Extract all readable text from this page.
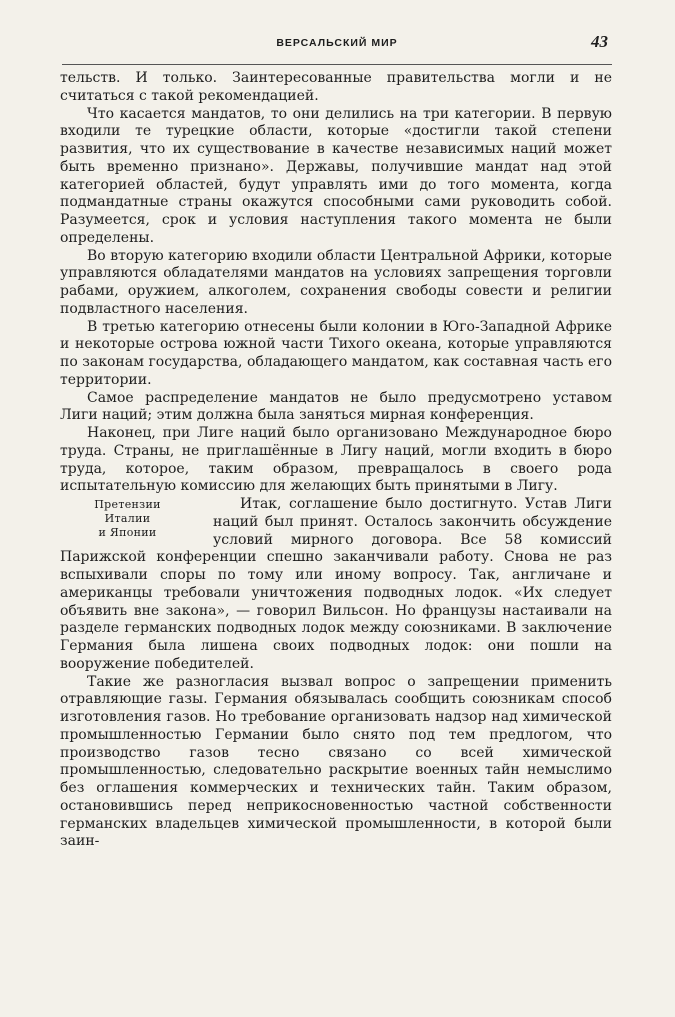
ВЕРСАЛЬСКИЙ МИР	43

тельств. И только. Заинтересованные правительства могли и не считаться с такой рекомендацией.

Что касается мандатов, то они делились на три категории. В первую входили те турецкие области, которые «достигли такой степени развития, что их существование в качестве независимых наций может быть временно признано». Державы, получившие мандат над этой категорией областей, будут управлять ими до того момента, когда подмандатные страны окажутся способными сами руководить собой. Разумеется, срок и условия наступления такого момента не были определены.

Во вторую категорию входили области Центральной Африки, которые управляются обладателями мандатов на условиях запрещения торговли рабами, оружием, алкоголем, сохранения свободы совести и религии подвластного населения.

В третью категорию отнесены были колонии в Юго-Западной Африке и некоторые острова южной части Тихого океана, которые управляются по законам государства, обладающего мандатом, как составная часть его территории.

Самое распределение мандатов не было предусмотрено уставом Лиги наций; этим должна была заняться мирная конференция.

Наконец, при Лиге наций было организовано Международное бюро труда. Страны, не приглашённые в Лигу наций, могли входить в бюро труда, которое, таким образом, превращалось в своего рода испытательную комиссию для желающих быть принятыми в Лигу.

Претензии
Италии
и Японии

Итак, соглашение было достигнуто. Устав Лиги наций был принят. Осталось закончить обсуждение условий мирного договора. Все 58 комиссий Парижской конференции спешно заканчивали работу. Снова не раз вспыхивали споры по тому или иному вопросу. Так, англичане и американцы требовали уничтожения подводных лодок. «Их следует объявить вне закона», — говорил Вильсон. Но французы настаивали на разделе германских подводных лодок между союзниками. В заключение Германия была лишена своих подводных лодок: они пошли на вооружение победителей.

Такие же разногласия вызвал вопрос о запрещении применить отравляющие газы. Германия обязывалась сообщить союзникам способ изготовления газов. Но требование организовать надзор над химической промышленностью Германии было снято под тем предлогом, что производство газов тесно связано со всей химической промышленностью, следовательно раскрытие военных тайн немыслимо без оглашения коммерческих и технических тайн. Таким образом, остановившись перед неприкосновенностью частной собственности германских владельцев химической промышленности, в которой были заин-
